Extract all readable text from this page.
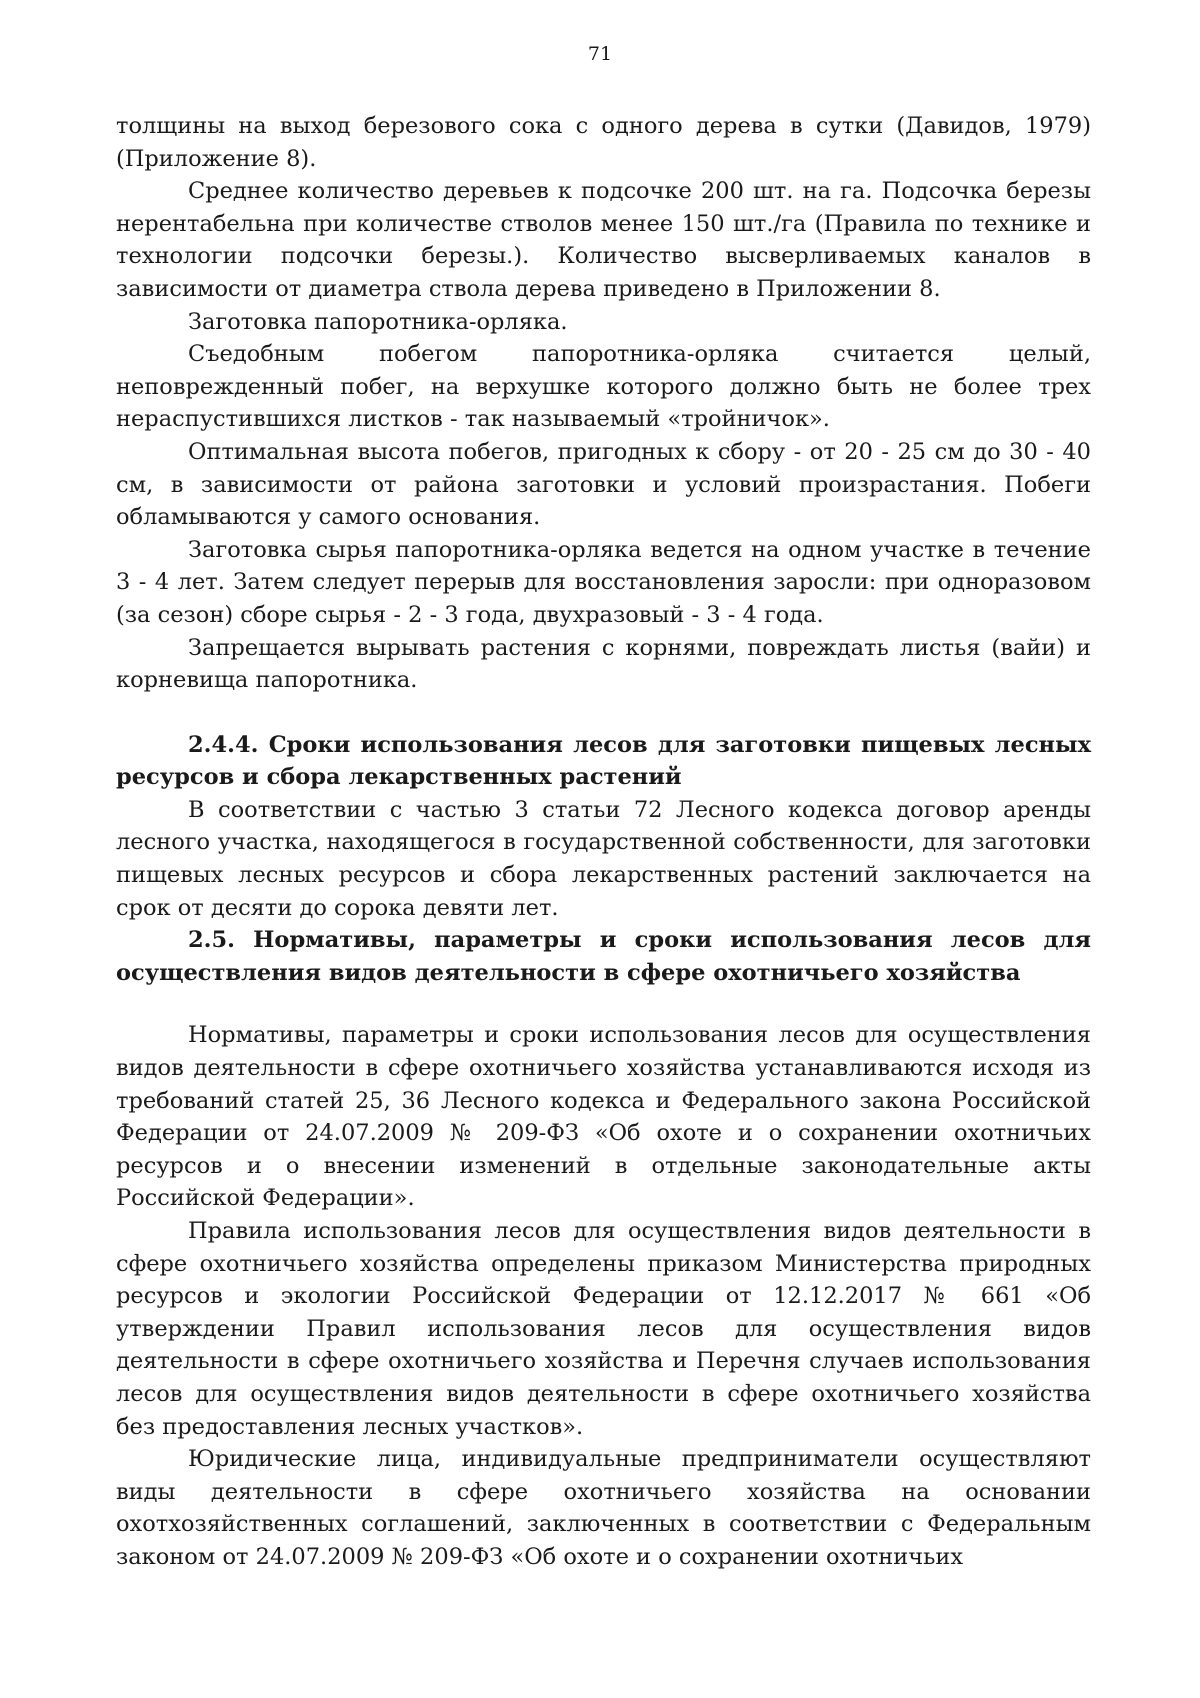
71

толщины на выход березового сока с одного дерева в сутки (Давидов, 1979) (Приложение 8).

Среднее количество деревьев к подсочке 200 шт. на га. Подсочка березы нерентабельна при количестве стволов менее 150 шт./га (Правила по технике и технологии подсочки березы.). Количество высверливаемых каналов в зависимости от диаметра ствола дерева приведено в Приложении 8.

Заготовка папоротника-орляка.

Съедобным побегом папоротника-орляка считается целый, неповрежденный побег, на верхушке которого должно быть не более трех нераспустившихся листков - так называемый «тройничок».

Оптимальная высота побегов, пригодных к сбору - от 20 - 25 см до 30 - 40 см, в зависимости от района заготовки и условий произрастания. Побеги обламываются у самого основания.

Заготовка сырья папоротника-орляка ведется на одном участке в течение 3 - 4 лет. Затем следует перерыв для восстановления заросли: при одноразовом (за сезон) сборе сырья - 2 - 3 года, двухразовый - 3 - 4 года.

Запрещается вырывать растения с корнями, повреждать листья (вайи) и корневища папоротника.

2.4.4. Сроки использования лесов для заготовки пищевых лесных ресурсов и сбора лекарственных растений

В соответствии с частью 3 статьи 72 Лесного кодекса договор аренды лесного участка, находящегося в государственной собственности, для заготовки пищевых лесных ресурсов и сбора лекарственных растений заключается на срок от десяти до сорока девяти лет.

2.5. Нормативы, параметры и сроки использования лесов для осуществления видов деятельности в сфере охотничьего хозяйства

Нормативы, параметры и сроки использования лесов для осуществления видов деятельности в сфере охотничьего хозяйства устанавливаются исходя из требований статей 25, 36 Лесного кодекса и Федерального закона Российской Федерации от 24.07.2009 № 209-ФЗ «Об охоте и о сохранении охотничьих ресурсов и о внесении изменений в отдельные законодательные акты Российской Федерации».

Правила использования лесов для осуществления видов деятельности в сфере охотничьего хозяйства определены приказом Министерства природных ресурсов и экологии Российской Федерации от 12.12.2017 № 661 «Об утверждении Правил использования лесов для осуществления видов деятельности в сфере охотничьего хозяйства и Перечня случаев использования лесов для осуществления видов деятельности в сфере охотничьего хозяйства без предоставления лесных участков».

Юридические лица, индивидуальные предприниматели осуществляют виды деятельности в сфере охотничьего хозяйства на основании охотхозяйственных соглашений, заключенных в соответствии с Федеральным законом от 24.07.2009 № 209-ФЗ «Об охоте и о сохранении охотничьих
